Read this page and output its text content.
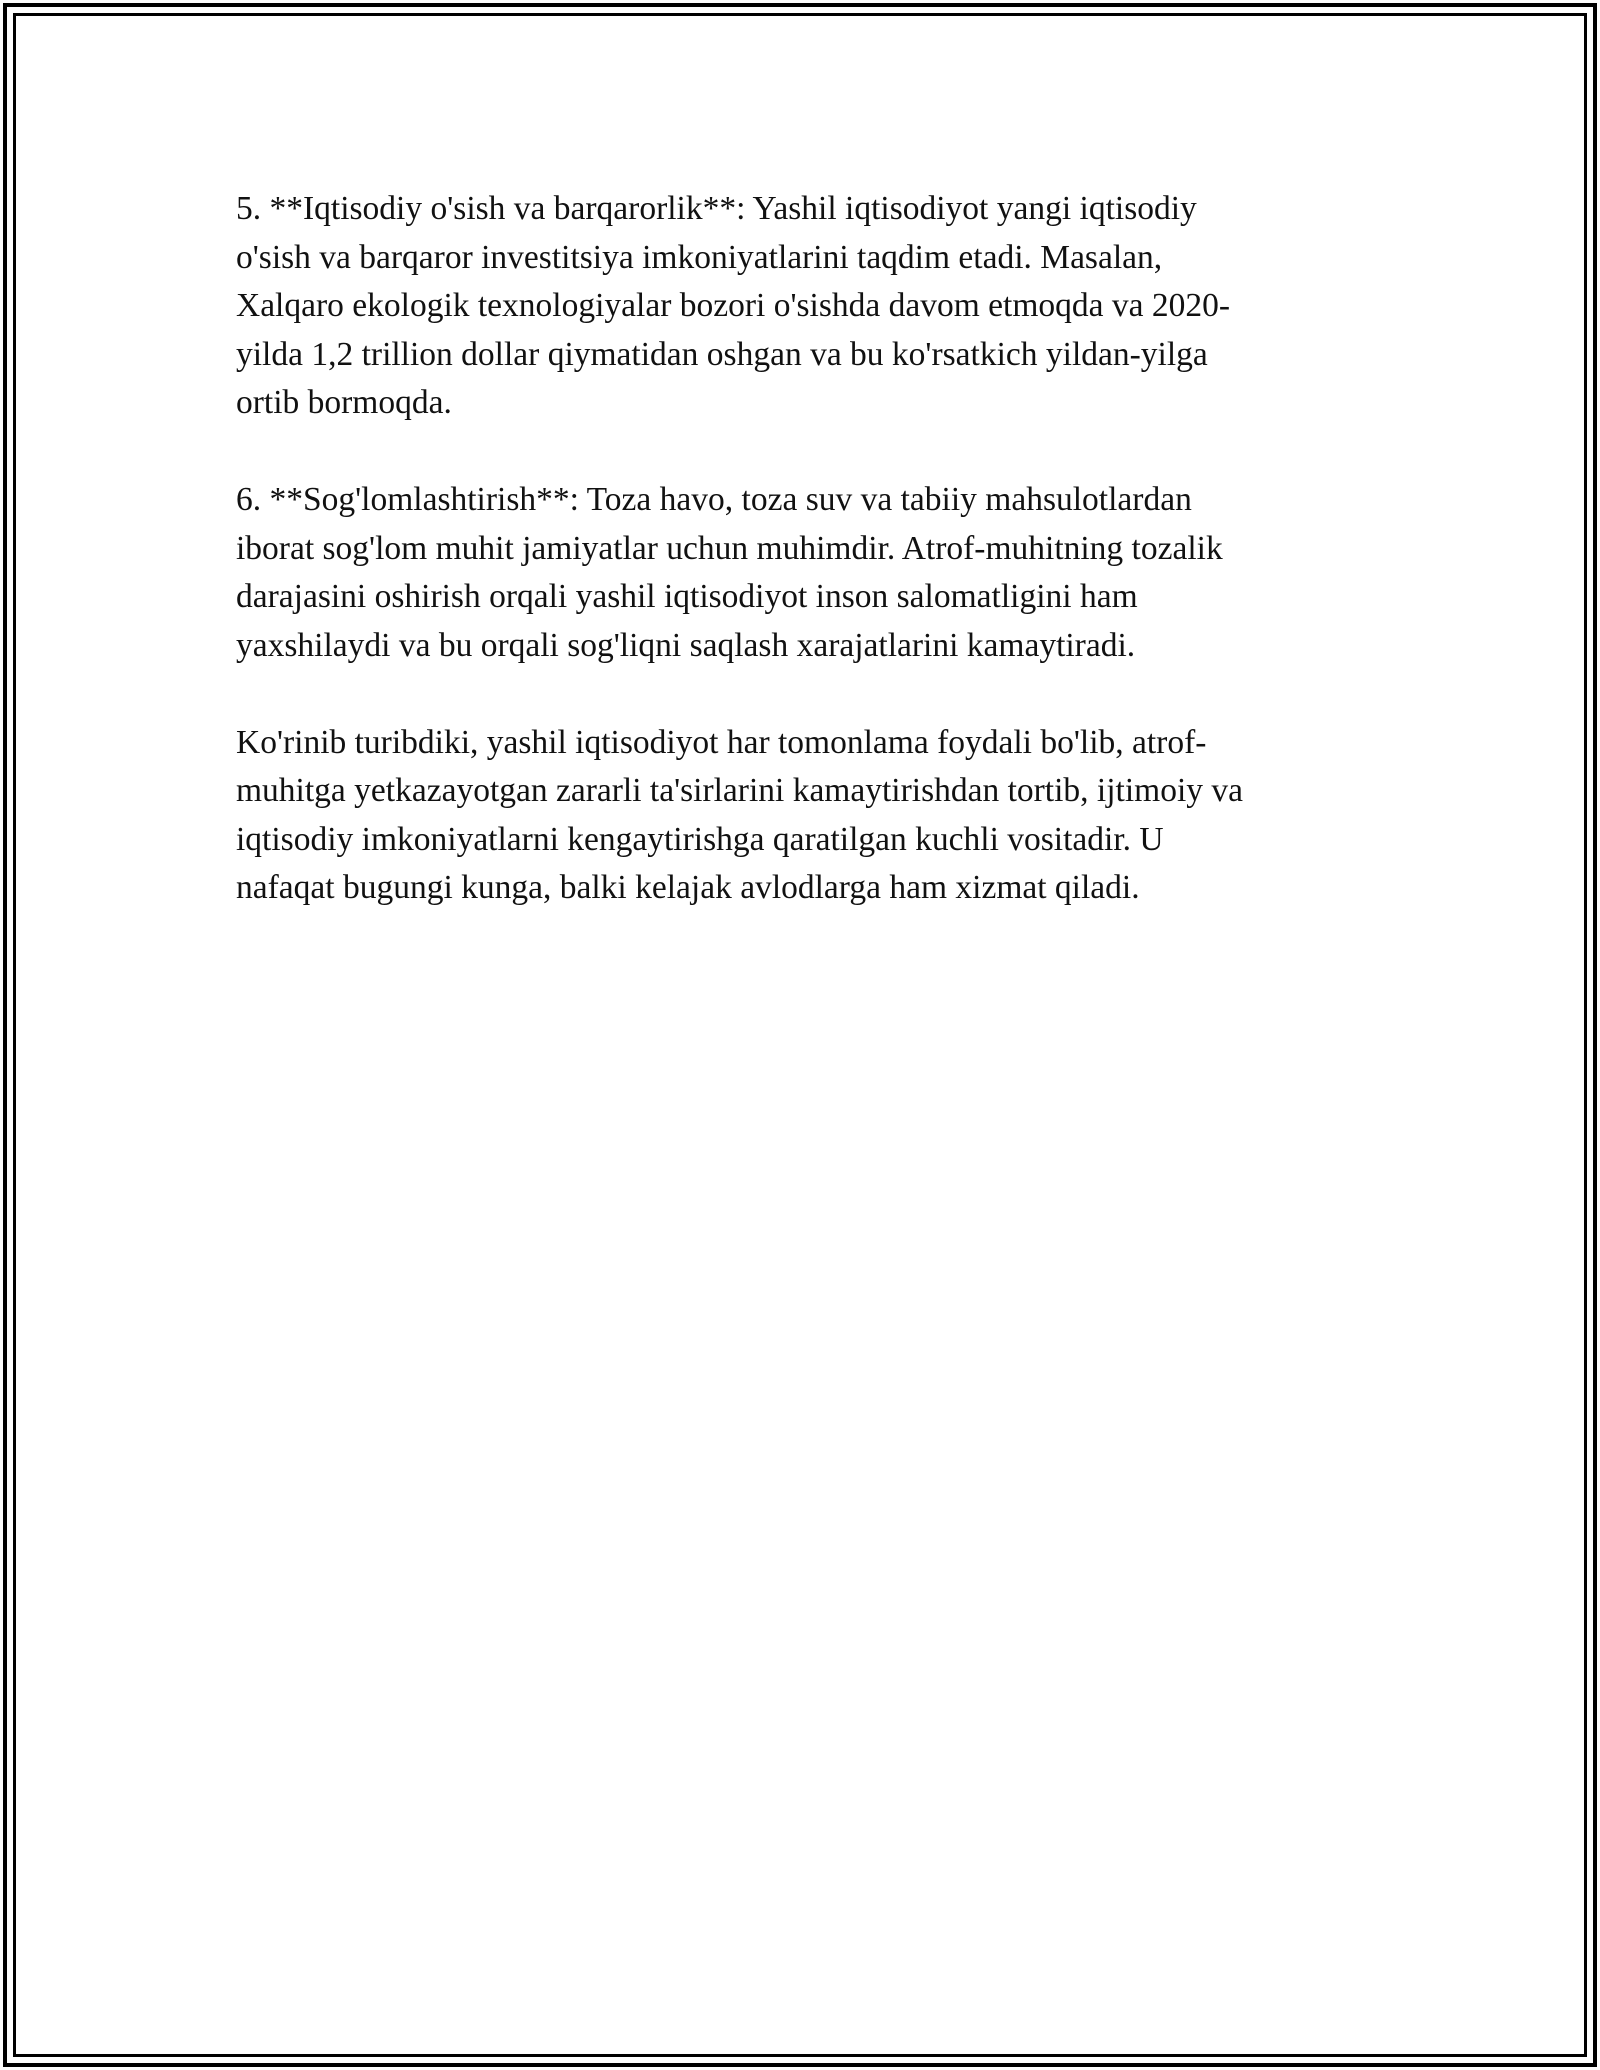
5. **Iqtisodiy o'sish va barqarorlik**: Yashil iqtisodiyot yangi iqtisodiy
o'sish va barqaror investitsiya imkoniyatlarini taqdim etadi. Masalan,
Xalqaro ekologik texnologiyalar bozori o'sishda davom etmoqda va 2020-
yilda 1,2 trillion dollar qiymatidan oshgan va bu ko'rsatkich yildan-yilga
ortib bormoqda.

6. **Sog'lomlashtirish**: Toza havo, toza suv va tabiiy mahsulotlardan
iborat sog'lom muhit jamiyatlar uchun muhimdir. Atrof-muhitning tozalik
darajasini oshirish orqali yashil iqtisodiyot inson salomatligini ham
yaxshilaydi va bu orqali sog'liqni saqlash xarajatlarini kamaytiradi.

Ko'rinib turibdiki, yashil iqtisodiyot har tomonlama foydali bo'lib, atrof-
muhitga yetkazayotgan zararli ta'sirlarini kamaytirishdan tortib, ijtimoiy va
iqtisodiy imkoniyatlarni kengaytirishga qaratilgan kuchli vositadir. U
nafaqat bugungi kunga, balki kelajak avlodlarga ham xizmat qiladi.
